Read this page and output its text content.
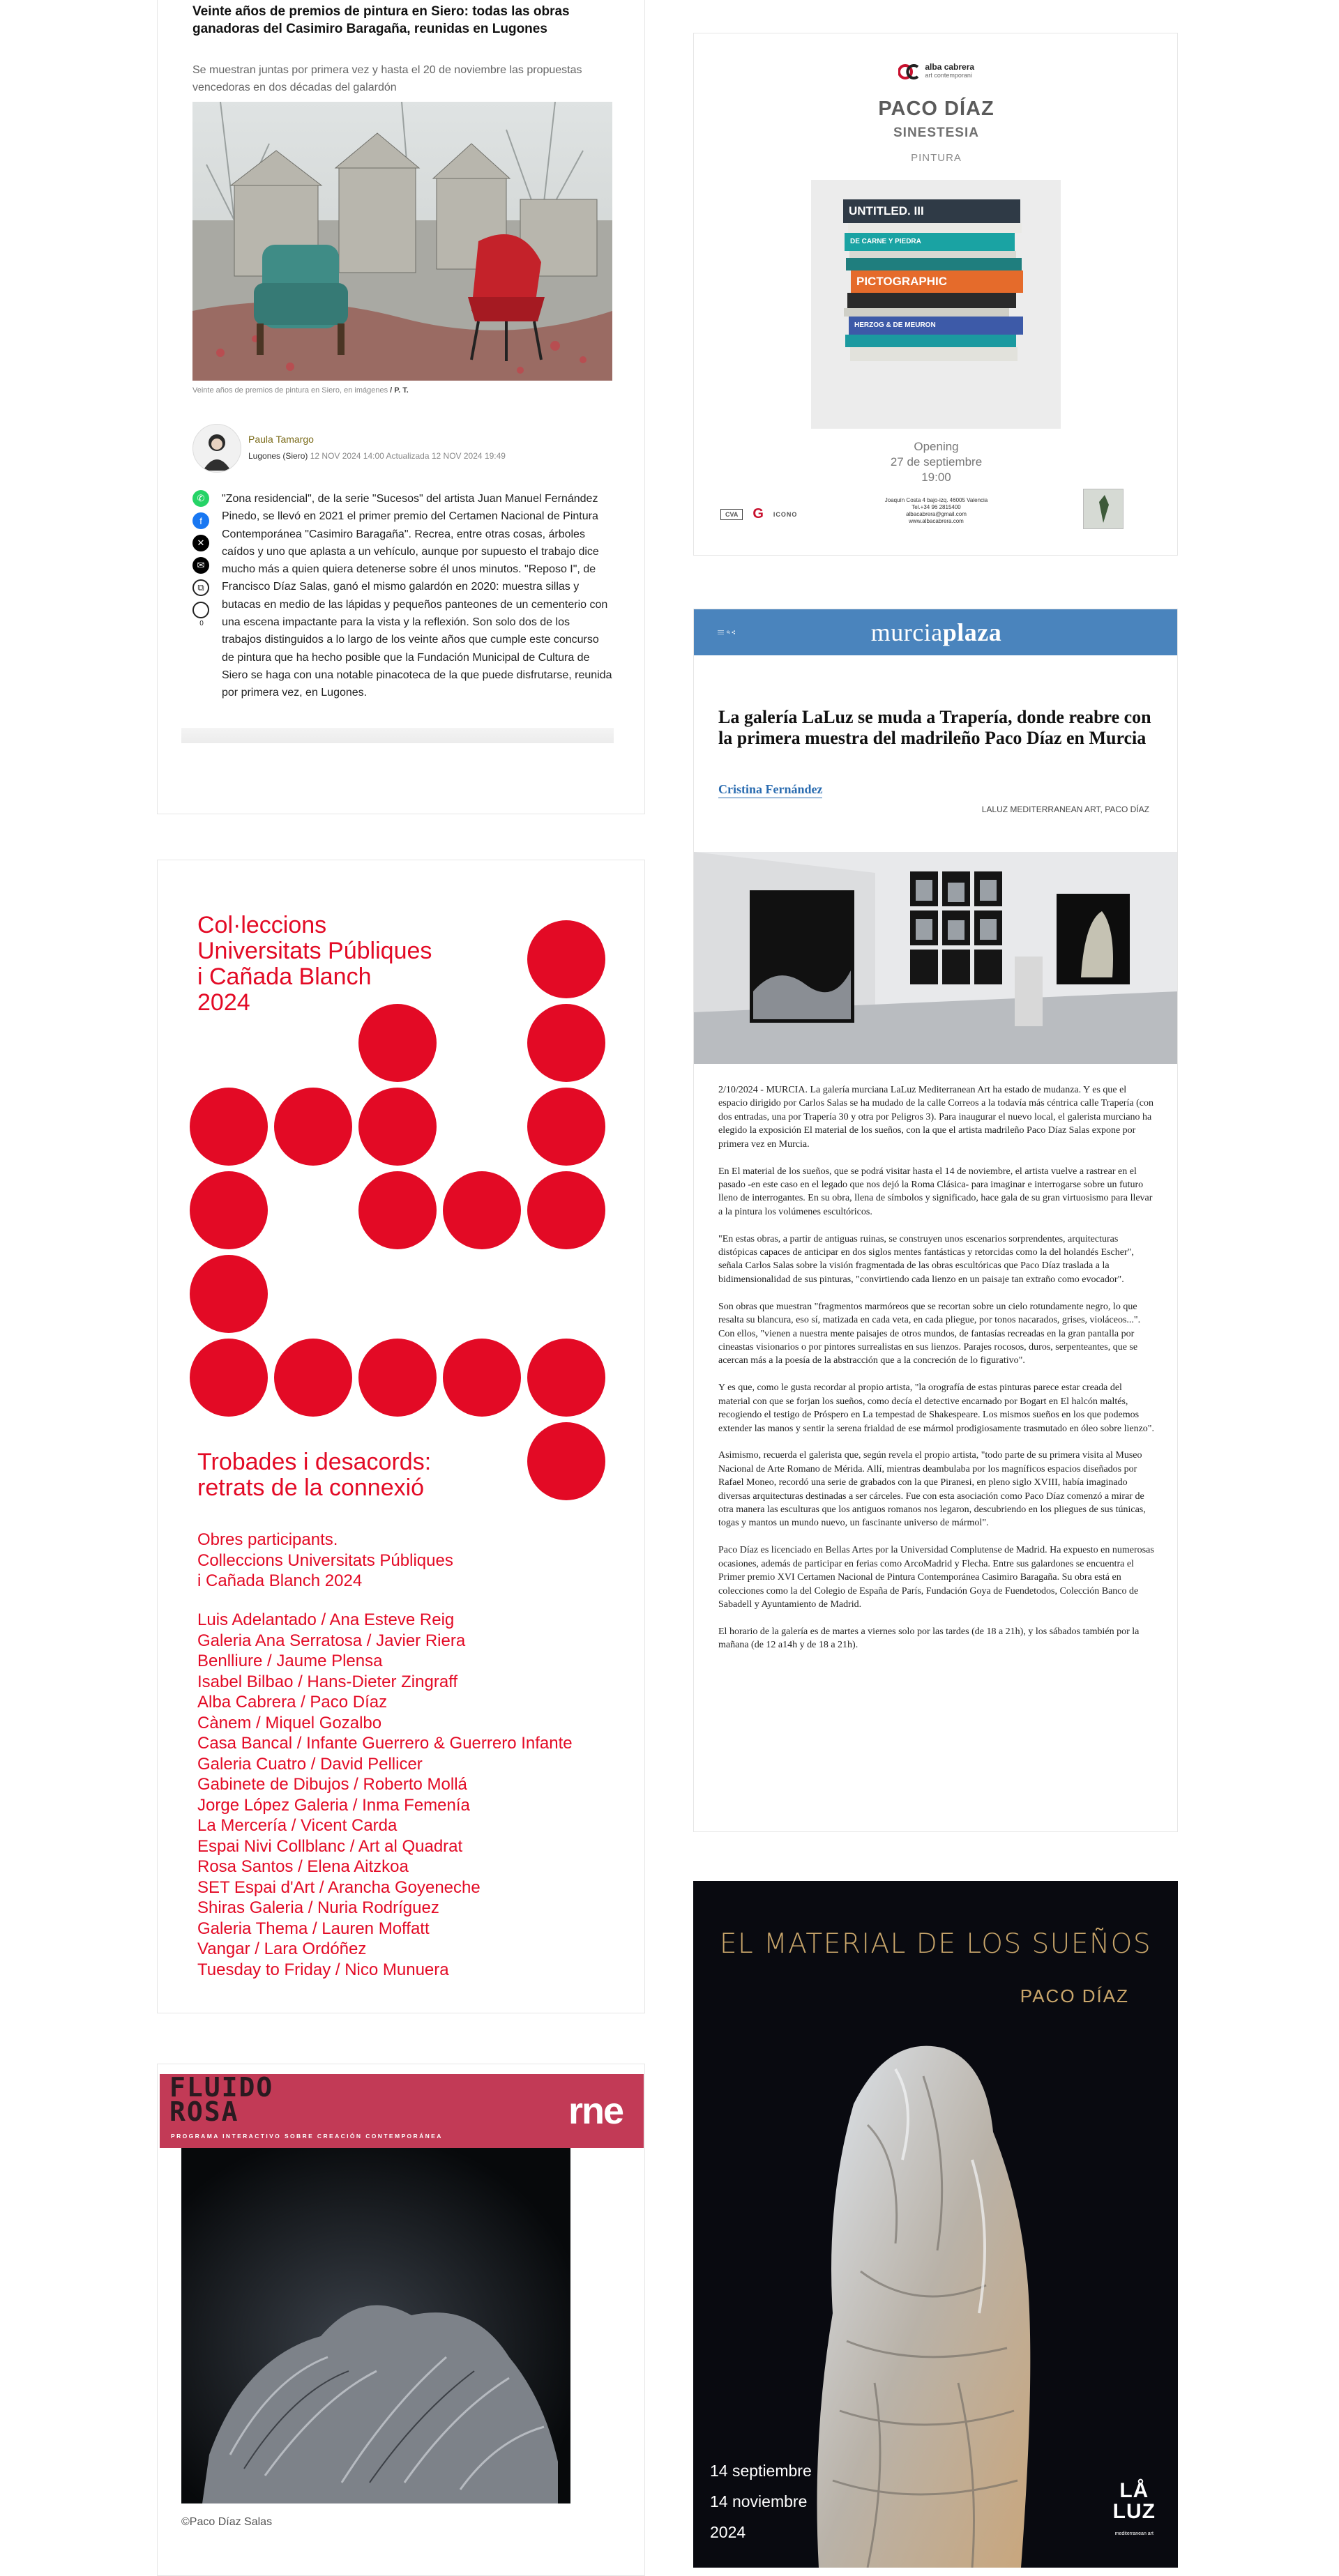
Veinte años de premios de pintura en Siero: todas las obras ganadoras del Casimiro Baragaña, reunidas en Lugones
Se muestran juntas por primera vez y hasta el 20 de noviembre las propuestas vencedoras en dos décadas del galardón
Veinte años de premios de pintura en Siero, en imágenes / P. T.
Paula Tamargo
Lugones (Siero) 12 NOV 2024 14:00 Actualizada 12 NOV 2024 19:49
✆
f
✕
✉
⧉
0
"Zona residencial", de la serie "Sucesos" del artista Juan Manuel Fernández Pinedo, se llevó en 2021 el primer premio del Certamen Nacional de Pintura Contemporánea "Casimiro Baragaña". Recrea, entre otras cosas, árboles caídos y uno que aplasta a un vehículo, aunque por supuesto el trabajo dice mucho más a quien quiera detenerse sobre él unos minutos. "Reposo I", de Francisco Díaz Salas, ganó el mismo galardón en 2020: muestra sillas y butacas en medio de las lápidas y pequeños panteones de un cementerio con una escena impactante para la vista y la reflexión. Son solo dos de los trabajos distinguidos a lo largo de los veinte años que cumple este concurso de pintura que ha hecho posible que la Fundación Municipal de Cultura de Siero se haga con una notable pinacoteca de la que puede disfrutarse, reunida por primera vez, en Lugones.
alba cabrera
art contemporani
PACO DÍAZ
SINESTESIA
PINTURA
UNTITLED. III
DE CARNE Y PIEDRA
PICTOGRAPHIC
HERZOG & DE MEURON
Opening
27 de septiembre
19:00
Joaquín Costa 4 bajo-izq. 46005 Valencia
Tel.+34 96 2815400
albacabrera@gmail.com
www.albacabrera.com
CVA	G ICONO
murciaplaza
La galería LaLuz se muda a Trapería, donde reabre con la primera muestra del madrileño Paco Díaz en Murcia
Cristina Fernández
LALUZ MEDITERRANEAN ART, PACO DÍAZ

2/10/2024 - MURCIA. La galería murciana LaLuz Mediterranean Art ha estado de mudanza. Y es que el espacio dirigido por Carlos Salas se ha mudado de la calle Correos a la todavía más céntrica calle Trapería (con dos entradas, una por Trapería 30 y otra por Peligros 3). Para inaugurar el nuevo local, el galerista murciano ha elegido la exposición El material de los sueños, con la que el artista madrileño Paco Díaz Salas expone por primera vez en Murcia.

En El material de los sueños, que se podrá visitar hasta el 14 de noviembre, el artista vuelve a rastrear en el pasado -en este caso en el legado que nos dejó la Roma Clásica- para imaginar e interrogarse sobre un futuro lleno de interrogantes. En su obra, llena de símbolos y significado, hace gala de su gran virtuosismo para llevar a la pintura los volúmenes escultóricos.

"En estas obras, a partir de antiguas ruinas, se construyen unos escenarios sorprendentes, arquitecturas distópicas capaces de anticipar en dos siglos mentes fantásticas y retorcidas como la del holandés Escher", señala Carlos Salas sobre la visión fragmentada de las obras escultóricas que Paco Díaz traslada a la bidimensionalidad de sus pinturas, "convirtiendo cada lienzo en un paisaje tan extraño como evocador".

Son obras que muestran "fragmentos marmóreos que se recortan sobre un cielo rotundamente negro, lo que resalta su blancura, eso sí, matizada en cada veta, en cada pliegue, por tonos nacarados, grises, violáceos...". Con ellos, "vienen a nuestra mente paisajes de otros mundos, de fantasías recreadas en la gran pantalla por cineastas visionarios o por pintores surrealistas en sus lienzos. Parajes rocosos, duros, serpenteantes, que se acercan más a la poesía de la abstracción que a la concreción de lo figurativo".

Y es que, como le gusta recordar al propio artista, "la orografía de estas pinturas parece estar creada del material con que se forjan los sueños, como decía el detective encarnado por Bogart en El halcón maltés, recogiendo el testigo de Próspero en La tempestad de Shakespeare. Los mismos sueños en los que podemos extender las manos y sentir la serena frialdad de ese mármol prodigiosamente trasmutado en óleo sobre lienzo".

Asimismo, recuerda el galerista que, según revela el propio artista, "todo parte de su primera visita al Museo Nacional de Arte Romano de Mérida. Allí, mientras deambulaba por los magníficos espacios diseñados por Rafael Moneo, recordó una serie de grabados con la que Piranesi, en pleno siglo XVIII, había imaginado diversas arquitecturas destinadas a ser cárceles. Fue con esta asociación como Paco Díaz comenzó a mirar de otra manera las esculturas que los antiguos romanos nos legaron, descubriendo en los pliegues de sus túnicas, togas y mantos un mundo nuevo, un fascinante universo de mármol".

Paco Díaz es licenciado en Bellas Artes por la Universidad Complutense de Madrid. Ha expuesto en numerosas ocasiones, además de participar en ferias como ArcoMadrid y Flecha. Entre sus galardones se encuentra el Primer premio XVI Certamen Nacional de Pintura Contemporánea Casimiro Baragaña. Su obra está en colecciones como la del Colegio de España de París, Fundación Goya de Fuendetodos, Colección Banco de Sabadell y Ayuntamiento de Madrid.

El horario de la galería es de martes a viernes solo por las tardes (de 18 a 21h), y los sábados también por la mañana (de 12 a14h y de 18 a 21h).

Col·leccions
Universitats Públiques
i Cañada Blanch
2024
Trobades i desacords:
retrats de la connexió
Obres participants.
Colleccions Universitats Públiques
i Cañada Blanch 2024
Luis Adelantado / Ana Esteve Reig
Galeria Ana Serratosa / Javier Riera
Benlliure / Jaume Plensa
Isabel Bilbao / Hans-Dieter Zingraff
Alba Cabrera / Paco Díaz
Cànem / Miquel Gozalbo
Casa Bancal / Infante Guerrero & Guerrero Infante
Galeria Cuatro / David Pellicer
Gabinete de Dibujos / Roberto Mollá
Jorge López Galeria / Inma Femenía
La Mercería / Vicent Carda
Espai Nivi Collblanc / Art al Quadrat
Rosa Santos / Elena Aitzkoa
SET Espai d'Art / Arancha Goyeneche
Shiras Galeria / Nuria Rodríguez
Galeria Thema / Lauren Moffatt
Vangar / Lara Ordóñez
Tuesday to Friday / Nico Munuera
FLUIDO
ROSA
PROGRAMA INTERACTIVO SOBRE CREACIÓN CONTEMPORÁNEA
rne
©Paco Díaz Salas
EL MATERIAL DE LOS SUEÑOS
PACO DÍAZ
14 septiembre
14 noviembre
2024
LÅ
LUZ
mediterranean art
